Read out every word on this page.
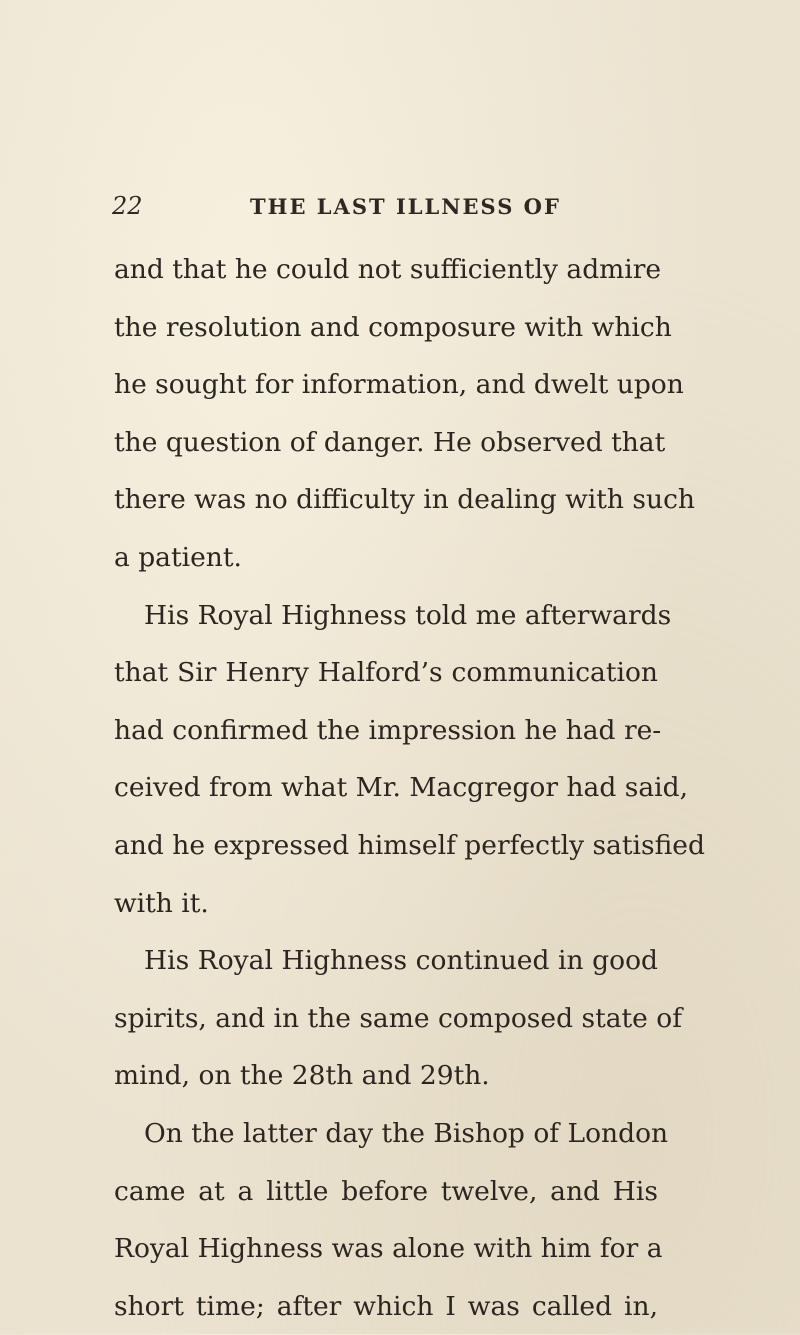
22	THE LAST ILLNESS OF
and that he could not sufficiently admire
the resolution and composure with which
he sought for information, and dwelt upon
the question of danger. He observed that
there was no difficulty in dealing with such
a patient.
His Royal Highness told me afterwards
that Sir Henry Halford’s communication
had confirmed the impression he had re-
ceived from what Mr. Macgregor had said,
and he expressed himself perfectly satisfied
with it.
His Royal Highness continued in good
spirits, and in the same composed state of
mind, on the 28th and 29th.
On the latter day the Bishop of London
came at a little before twelve, and His
Royal Highness was alone with him for a
short time; after which I was called in,
